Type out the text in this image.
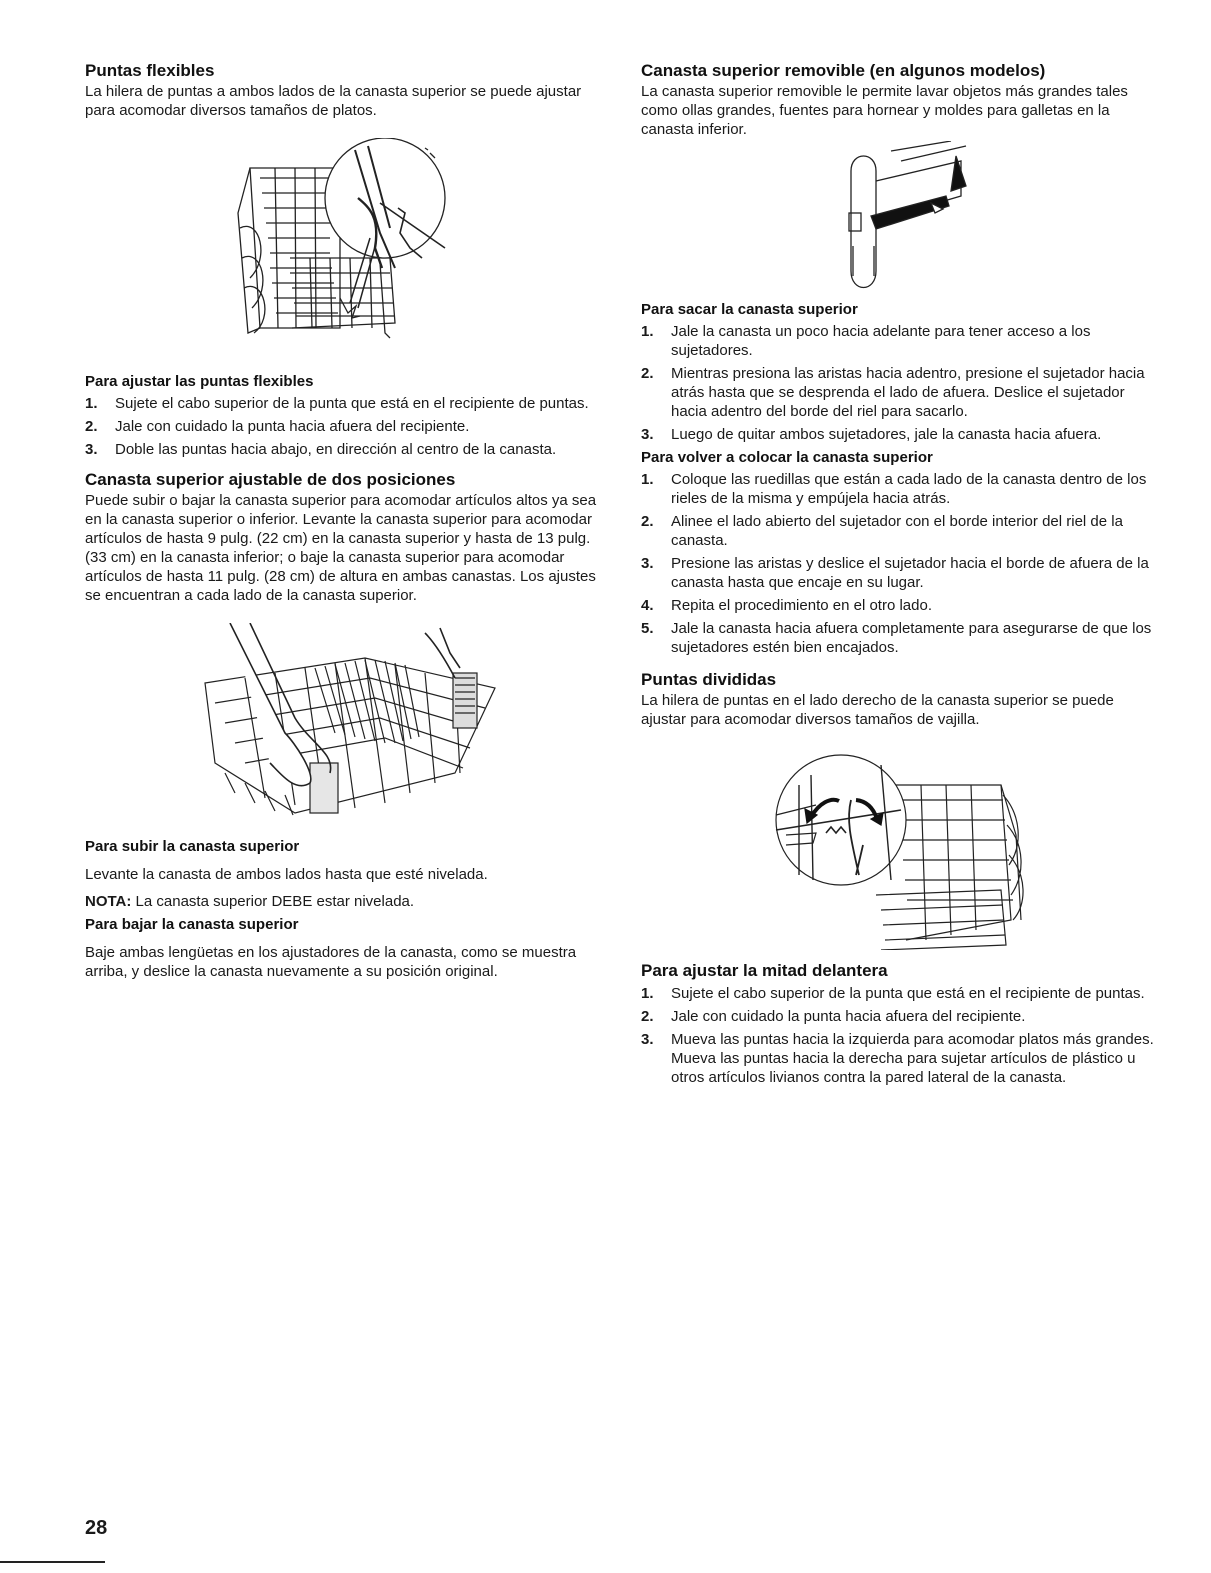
Puntas flexibles

La hilera de puntas a ambos lados de la canasta superior se puede ajustar para acomodar diversos tamaños de platos.

Para ajustar las puntas flexibles
1. Sujete el cabo superior de la punta que está en el recipiente de puntas.
2. Jale con cuidado la punta hacia afuera del recipiente.
3. Doble las puntas hacia abajo, en dirección al centro de la canasta.
Canasta superior ajustable de dos posiciones

Puede subir o bajar la canasta superior para acomodar artículos altos ya sea en la canasta superior o inferior. Levante la canasta superior para acomodar artículos de hasta 9 pulg. (22 cm) en la canasta superior y hasta de 13 pulg. (33 cm) en la canasta inferior; o baje la canasta superior para acomodar artículos de hasta 11 pulg. (28 cm) de altura en ambas canastas. Los ajustes se encuentran a cada lado de la canasta superior.

Para subir la canasta superior

Levante la canasta de ambos lados hasta que esté nivelada.

NOTA: La canasta superior DEBE estar nivelada.

Para bajar la canasta superior

Baje ambas lengüetas en los ajustadores de la canasta, como se muestra arriba, y deslice la canasta nuevamente a su posición original.

Canasta superior removible (en algunos modelos)

La canasta superior removible le permite lavar objetos más grandes tales como ollas grandes, fuentes para hornear y moldes para galletas en la canasta inferior.

Para sacar la canasta superior
1. Jale la canasta un poco hacia adelante para tener acceso a los sujetadores.
2. Mientras presiona las aristas hacia adentro, presione el sujetador hacia atrás hasta que se desprenda el lado de afuera. Deslice el sujetador hacia adentro del borde del riel para sacarlo.
3. Luego de quitar ambos sujetadores, jale la canasta hacia afuera.
Para volver a colocar la canasta superior
1. Coloque las ruedillas que están a cada lado de la canasta dentro de los rieles de la misma y empújela hacia atrás.
2. Alinee el lado abierto del sujetador con el borde interior del riel de la canasta.
3. Presione las aristas y deslice el sujetador hacia el borde de afuera de la canasta hasta que encaje en su lugar.
4. Repita el procedimiento en el otro lado.
5. Jale la canasta hacia afuera completamente para asegurarse de que los sujetadores estén bien encajados.
Puntas divididas

La hilera de puntas en el lado derecho de la canasta superior se puede ajustar para acomodar diversos tamaños de vajilla.

Para ajustar la mitad delantera
1. Sujete el cabo superior de la punta que está en el recipiente de puntas.
2. Jale con cuidado la punta hacia afuera del recipiente.
3. Mueva las puntas hacia la izquierda para acomodar platos más grandes. Mueva las puntas hacia la derecha para sujetar artículos de plástico u otros artículos livianos contra la pared lateral de la canasta.
28
